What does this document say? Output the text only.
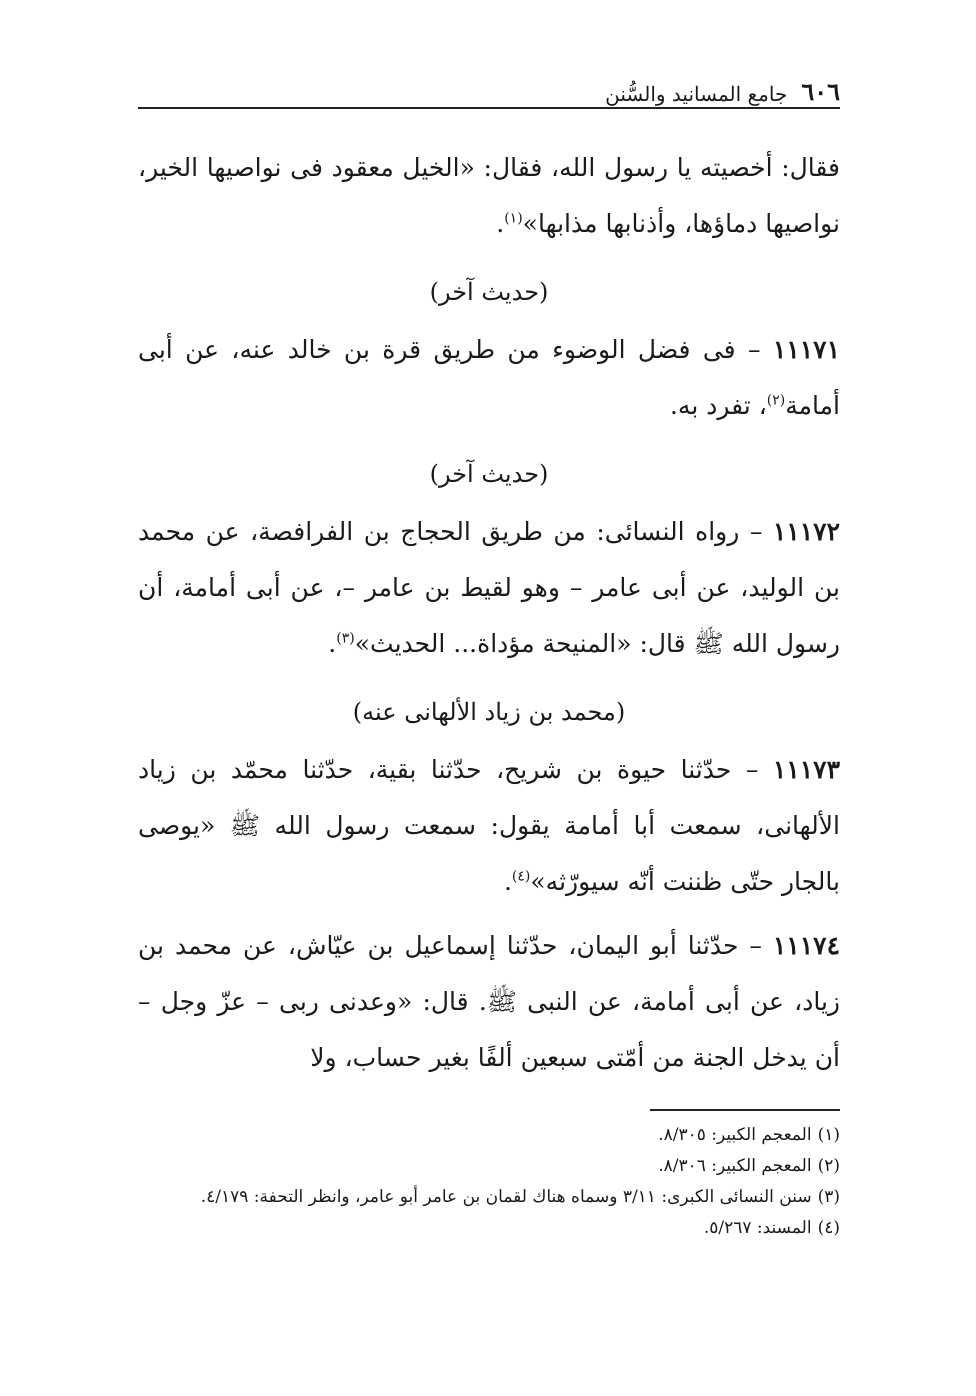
٦٠٦
جامع المسانيد والسُّنن

فقال: أخصيته يا رسول الله، فقال: «الخيل معقود فى نواصيها الخير، نواصيها دماؤها، وأذنابها مذابها»$^{(١)}$.

(حديث آخر)

١١١٧١ – فى فضل الوضوء من طريق قرة بن خالد عنه، عن أبى أمامة$^{(٢)}$، تفرد به.

(حديث آخر)

١١١٧٢ – رواه النسائى: من طريق الحجاج بن الفرافصة، عن محمد بن الوليد، عن أبى عامر – وهو لقيط بن عامر –، عن أبى أمامة، أن رسول الله ﷺ قال: «المنيحة مؤداة... الحديث»$^{(٣)}$.

(محمد بن زياد الألهانى عنه)

١١١٧٣ – حدّثنا حيوة بن شريح، حدّثنا بقية، حدّثنا محمّد بن زياد الألهانى، سمعت أبا أمامة يقول: سمعت رسول الله ﷺ «يوصى بالجار حتّى ظننت أنّه سيورّثه»$^{(٤)}$.

١١١٧٤ – حدّثنا أبو اليمان، حدّثنا إسماعيل بن عيّاش، عن محمد بن زياد، عن أبى أمامة، عن النبى ﷺ. قال: «وعدنى ربى – عزّ وجل – أن يدخل الجنة من أمّتى سبعين ألفًا بغير حساب، ولا

(١)المعجم الكبير: ٨/٣٠٥.

(٢)المعجم الكبير: ٨/٣٠٦.

(٣)سنن النسائى الكبرى: ٣/١١ وسماه هناك لقمان بن عامر أبو عامر، وانظر التحفة: ٤/١٧٩.

(٤)المسند: ٥/٢٦٧.
